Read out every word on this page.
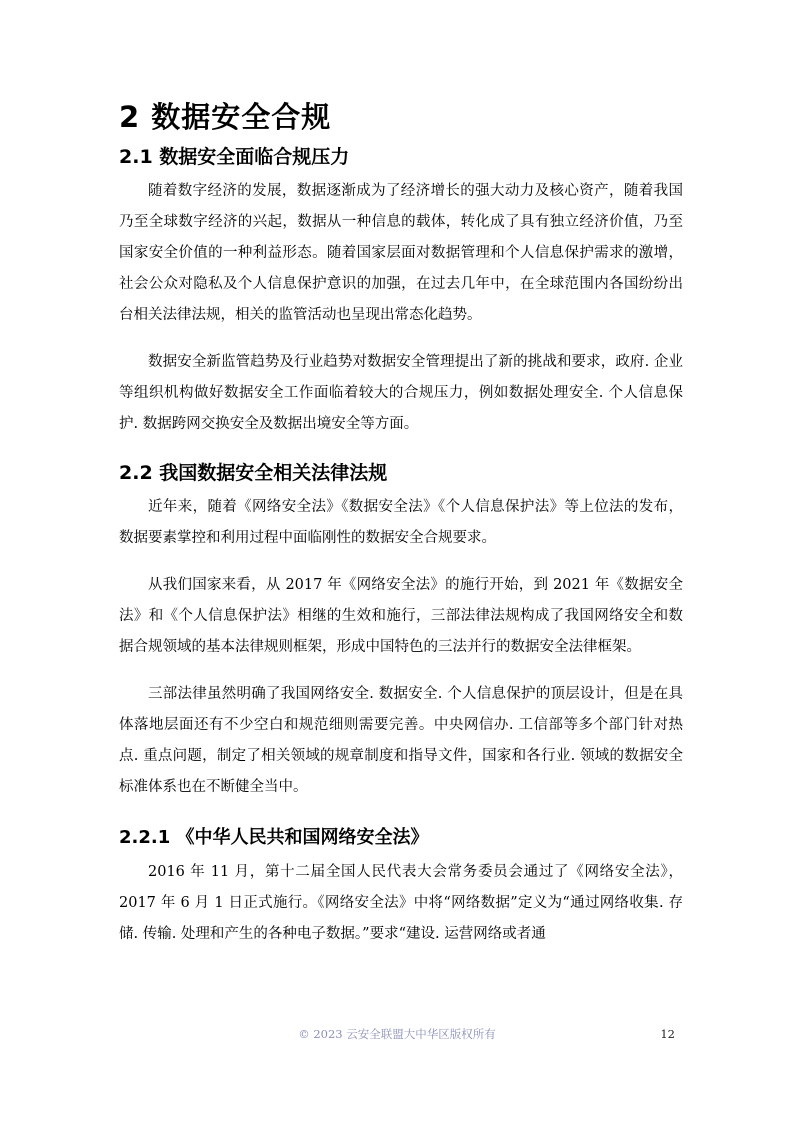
2 数据安全合规
2.1 数据安全面临合规压力

随着数字经济的发展，数据逐渐成为了经济增长的强大动力及核心资产，随着我国乃至全球数字经济的兴起，数据从一种信息的载体，转化成了具有独立经济价值，乃至国家安全价值的一种利益形态。随着国家层面对数据管理和个人信息保护需求的激增，社会公众对隐私及个人信息保护意识的加强，在过去几年中，在全球范围内各国纷纷出台相关法律法规，相关的监管活动也呈现出常态化趋势。

数据安全新监管趋势及行业趋势对数据安全管理提出了新的挑战和要求，政府. 企业等组织机构做好数据安全工作面临着较大的合规压力，例如数据处理安全. 个人信息保护. 数据跨网交换安全及数据出境安全等方面。

2.2 我国数据安全相关法律法规

近年来，随着《网络安全法》《数据安全法》《个人信息保护法》等上位法的发布，数据要素掌控和利用过程中面临刚性的数据安全合规要求。

从我们国家来看，从 2017 年《网络安全法》的施行开始，到 2021 年《数据安全法》和《个人信息保护法》相继的生效和施行，三部法律法规构成了我国网络安全和数据合规领域的基本法律规则框架，形成中国特色的三法并行的数据安全法律框架。

三部法律虽然明确了我国网络安全. 数据安全. 个人信息保护的顶层设计，但是在具体落地层面还有不少空白和规范细则需要完善。中央网信办. 工信部等多个部门针对热点. 重点问题，制定了相关领域的规章制度和指导文件，国家和各行业. 领域的数据安全标准体系也在不断健全当中。

2.2.1 《中华人民共和国网络安全法》

2016 年 11 月，第十二届全国人民代表大会常务委员会通过了《网络安全法》，2017 年 6 月 1 日正式施行。《网络安全法》中将“网络数据”定义为“通过网络收集. 存储. 传输. 处理和产生的各种电子数据。”要求“建设. 运营网络或者通

© 2023 云安全联盟大中华区版权所有	12
